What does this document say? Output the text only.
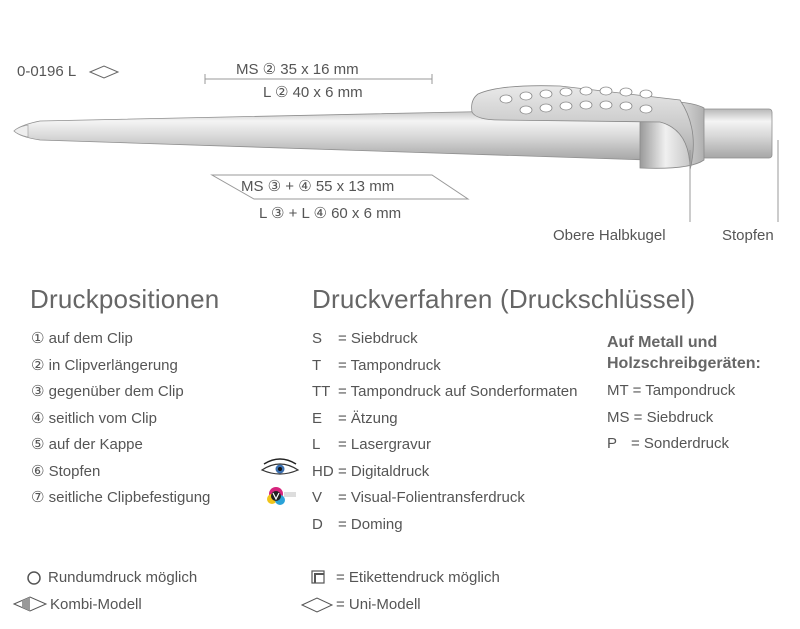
0-0196 L	MS ② 35 x 16 mm
L ② 40 x 6 mm
MS ③ + ④ 55 x 13 mm
L ③ + L ④ 60 x 6 mm
Obere Halbkugel	Stopfen
Druckpositionen
① auf dem Clip
② in Clipverlängerung
③ gegenüber dem Clip
④ seitlich vom Clip
⑤ auf der Kappe
⑥ Stopfen
⑦ seitliche Clipbefestigung
Druckverfahren (Druckschlüssel)
S = Siebdruck
T = Tampondruck
TT = Tampondruck auf Sonderformaten
E = Ätzung
L = Lasergravur
HD = Digitaldruck
V = Visual-Folientransferdruck
D = Doming
Auf Metall und
Holzschreibgeräten:
MT = Tampondruck
MS = Siebdruck
P = Sonderdruck
Rundumdruck möglich	= Etikettendruck möglich
Kombi-Modell	= Uni-Modell
